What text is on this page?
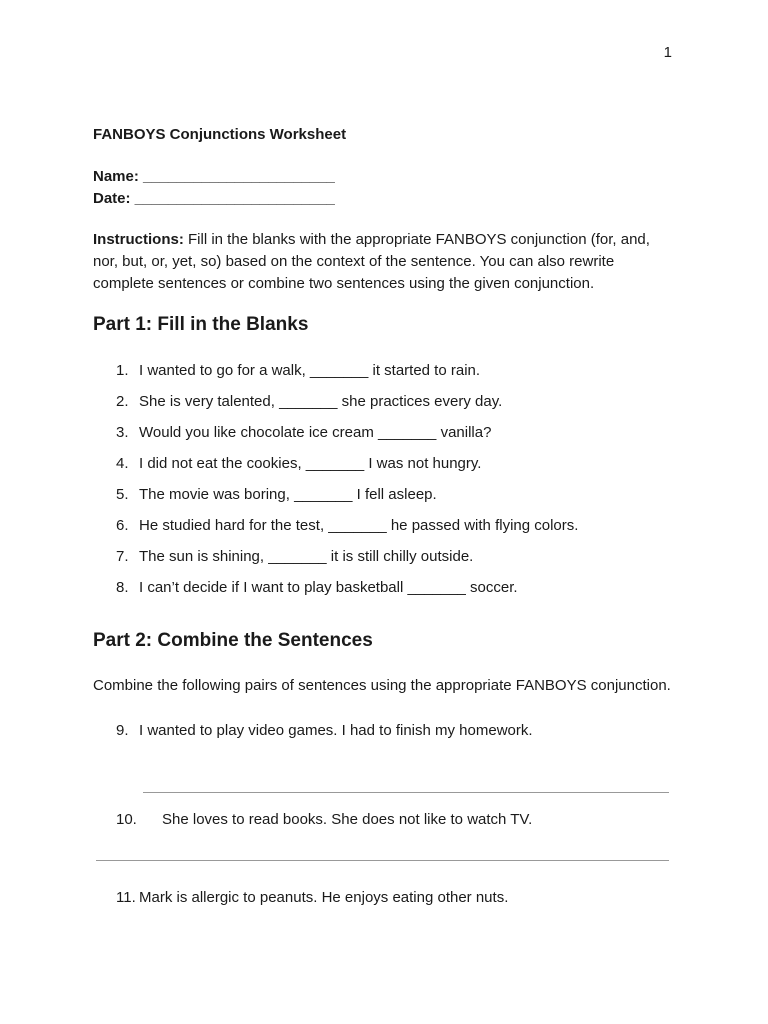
1
FANBOYS Conjunctions Worksheet
Name: _______________________
Date: ________________________

Instructions: Fill in the blanks with the appropriate FANBOYS conjunction (for, and, nor, but, or, yet, so) based on the context of the sentence. You can also rewrite complete sentences or combine two sentences using the given conjunction.

Part 1: Fill in the Blanks
1. I wanted to go for a walk, _______ it started to rain.
2. She is very talented, _______ she practices every day.
3. Would you like chocolate ice cream _______ vanilla?
4. I did not eat the cookies, _______ I was not hungry.
5. The movie was boring, _______ I fell asleep.
6. He studied hard for the test, _______ he passed with flying colors.
7. The sun is shining, _______ it is still chilly outside.
8. I can’t decide if I want to play basketball _______ soccer.
Part 2: Combine the Sentences

Combine the following pairs of sentences using the appropriate FANBOYS conjunction.

9. I wanted to play video games. I had to finish my homework.
10. She loves to read books. She does not like to watch TV.
11. Mark is allergic to peanuts. He enjoys eating other nuts.
